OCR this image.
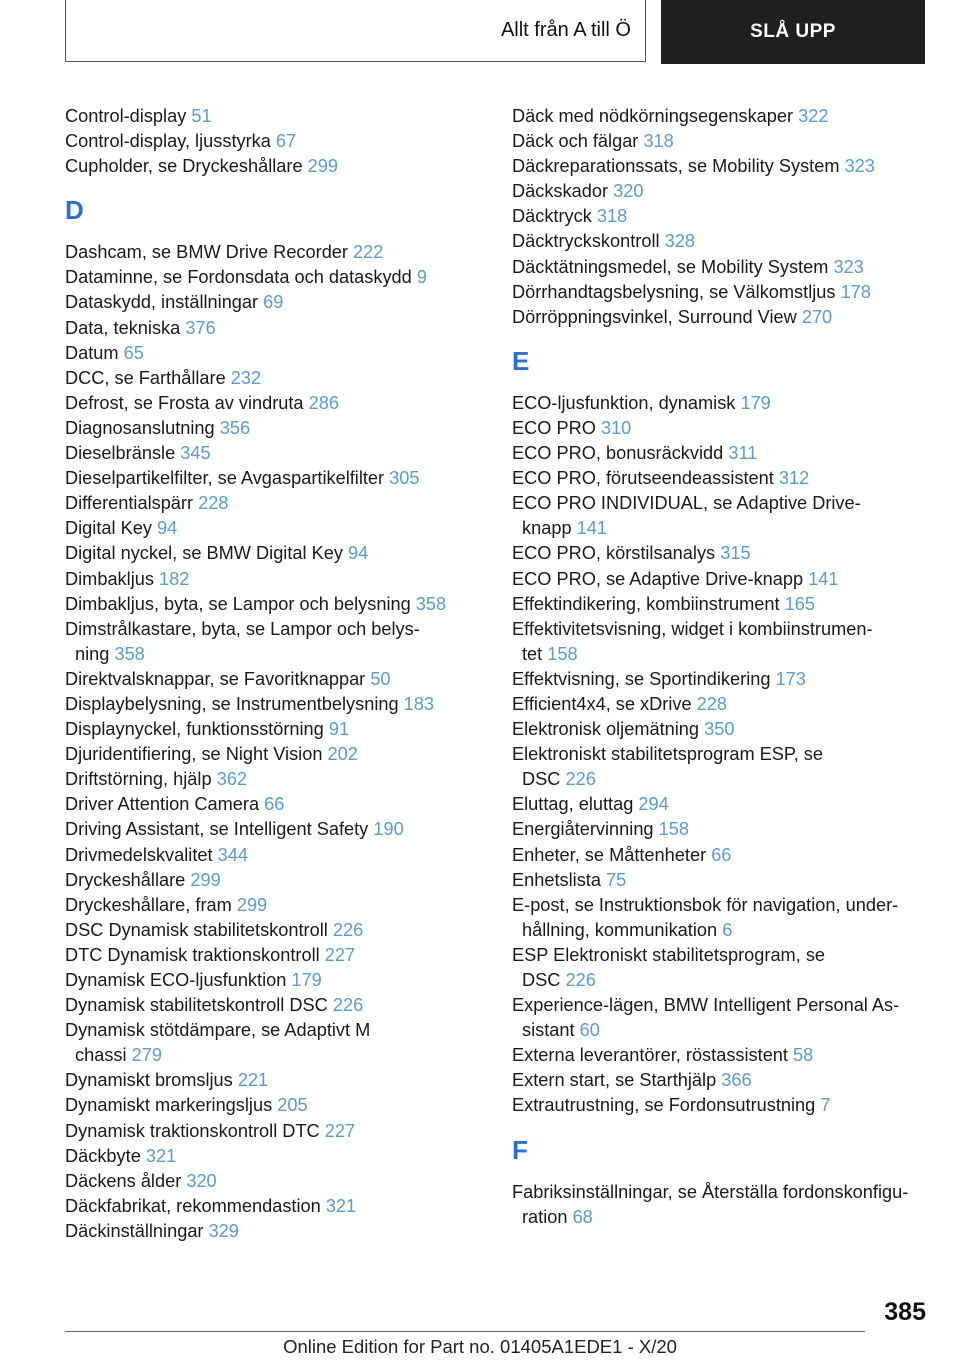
Allt från A till Ö	SLÅ UPP
Control-display 51
Control-display, ljusstyrka 67
Cupholder, se Dryckeshållare 299
D
Dashcam, se BMW Drive Recorder 222
Dataminne, se Fordonsdata och dataskydd 9
Dataskydd, inställningar 69
Data, tekniska 376
Datum 65
DCC, se Farthållare 232
Defrost, se Frosta av vindruta 286
Diagnosanslutning 356
Dieselbränsle 345
Dieselpartikelfilter, se Avgaspartikelfilter 305
Differentialspärr 228
Digital Key 94
Digital nyckel, se BMW Digital Key 94
Dimbakljus 182
Dimbakljus, byta, se Lampor och belysning 358
Dimstrålkastare, byta, se Lampor och belys-
ning 358
Direktvalsknappar, se Favoritknappar 50
Displaybelysning, se Instrumentbelysning 183
Displaynyckel, funktionsstörning 91
Djuridentifiering, se Night Vision 202
Driftstörning, hjälp 362
Driver Attention Camera 66
Driving Assistant, se Intelligent Safety 190
Drivmedelskvalitet 344
Dryckeshållare 299
Dryckeshållare, fram 299
DSC Dynamisk stabilitetskontroll 226
DTC Dynamisk traktionskontroll 227
Dynamisk ECO-ljusfunktion 179
Dynamisk stabilitetskontroll DSC 226
Dynamisk stötdämpare, se Adaptivt M
chassi 279
Dynamiskt bromsljus 221
Dynamiskt markeringsljus 205
Dynamisk traktionskontroll DTC 227
Däckbyte 321
Däckens ålder 320
Däckfabrikat, rekommendastion 321
Däckinställningar 329
Däck med nödkörningsegenskaper 322
Däck och fälgar 318
Däckreparationssats, se Mobility System 323
Däckskador 320
Däcktryck 318
Däcktryckskontroll 328
Däcktätningsmedel, se Mobility System 323
Dörrhandtagsbelysning, se Välkomstljus 178
Dörröppningsvinkel, Surround View 270
E
ECO-ljusfunktion, dynamisk 179
ECO PRO 310
ECO PRO, bonusräckvidd 311
ECO PRO, förutseendeassistent 312
ECO PRO INDIVIDUAL, se Adaptive Drive-
knapp 141
ECO PRO, körstilsanalys 315
ECO PRO, se Adaptive Drive-knapp 141
Effektindikering, kombiinstrument 165
Effektivitetsvisning, widget i kombiinstrumen-
tet 158
Effektvisning, se Sportindikering 173
Efficient4x4, se xDrive 228
Elektronisk oljemätning 350
Elektroniskt stabilitetsprogram ESP, se
DSC 226
Eluttag, eluttag 294
Energiåtervinning 158
Enheter, se Måttenheter 66
Enhetslista 75
E-post, se Instruktionsbok för navigation, under-
hållning, kommunikation 6
ESP Elektroniskt stabilitetsprogram, se
DSC 226
Experience-lägen, BMW Intelligent Personal As-
sistant 60
Externa leverantörer, röstassistent 58
Extern start, se Starthjälp 366
Extrautrustning, se Fordonsutrustning 7
F
Fabriksinställningar, se Återställa fordonskonfigu-
ration 68
385
Online Edition for Part no. 01405A1EDE1 - X/20
